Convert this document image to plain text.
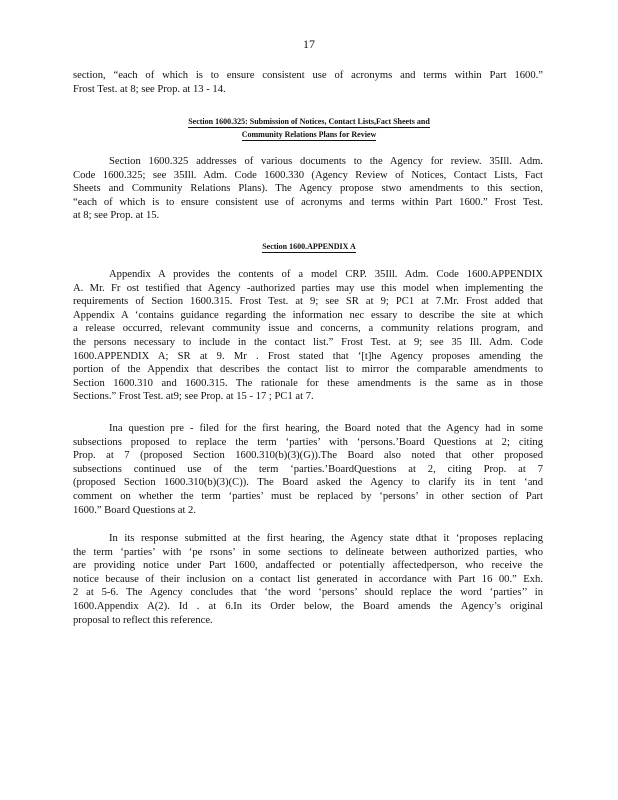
17
section, “each of which is to ensure consistent use of acronyms and terms within Part 1600.”
Frost Test. at 8; see Prop. at 13 - 14.
Section 1600.325: Submission of Notices, Contact Lists,Fact Sheets and
Community Relations Plans for Review
Section 1600.325 addresses of various documents to the Agency for review. 35Ill. Adm.
Code 1600.325; see 35Ill. Adm. Code 1600.330 (Agency Review of Notices, Contact Lists, Fact
Sheets and Community Relations Plans). The Agency propose stwo amendments to this section,
“each of which is to ensure consistent use of acronyms and terms within Part 1600.” Frost Test.
at 8; see Prop. at 15.
Section 1600.APPENDIX A
Appendix A provides the contents of a model CRP. 35Ill. Adm. Code 1600.APPENDIX
A. Mr. Fr ost testified that Agency -authorized parties may use this model when implementing the
requirements of Section 1600.315. Frost Test. at 9; see SR at 9; PC1 at 7.Mr. Frost added that
Appendix A ‘contains guidance regarding the information nec essary to describe the site at which
a release occurred, relevant community issue and concerns, a community relations program, and
the persons necessary to include in the contact list.” Frost Test. at 9; see 35 Ill. Adm. Code
1600.APPENDIX A; SR at 9. Mr . Frost stated that ‘[t]he Agency proposes amending the
portion of the Appendix that describes the contact list to mirror the comparable amendments to
Section 1600.310 and 1600.315. The rationale for these amendments is the same as in those
Sections.” Frost Test. at9; see Prop. at 15 - 17 ; PC1 at 7.
Ina question pre - filed for the first hearing, the Board noted that the Agency had in some
subsections proposed to replace the term ‘parties’ with ‘persons.’Board Questions at 2; citing
Prop. at 7 (proposed Section 1600.310(b)(3)(G)).The Board also noted that other proposed
subsections continued use of the term ‘parties.’BoardQuestions at 2, citing Prop. at 7
(proposed Section 1600.310(b)(3)(C)). The Board asked the Agency to clarify its in tent ‘and
comment on whether the term ‘parties’ must be replaced by ‘persons’ in other section of Part
1600.” Board Questions at 2.
In its response submitted at the first hearing, the Agency state dthat it ‘proposes replacing
the term ‘parties’ with ‘pe rsons’ in some sections to delineate between authorized parties, who
are providing notice under Part 1600, andaffected or potentially affectedperson, who receive the
notice because of their inclusion on a contact list generated in accordance with Part 16 00.” Exh.
2 at 5-6. The Agency concludes that ‘the word ‘persons’ should replace the word ‘parties’’ in
1600.Appendix A(2). Id . at 6.In its Order below, the Board amends the Agency’s original
proposal to reflect this reference.
